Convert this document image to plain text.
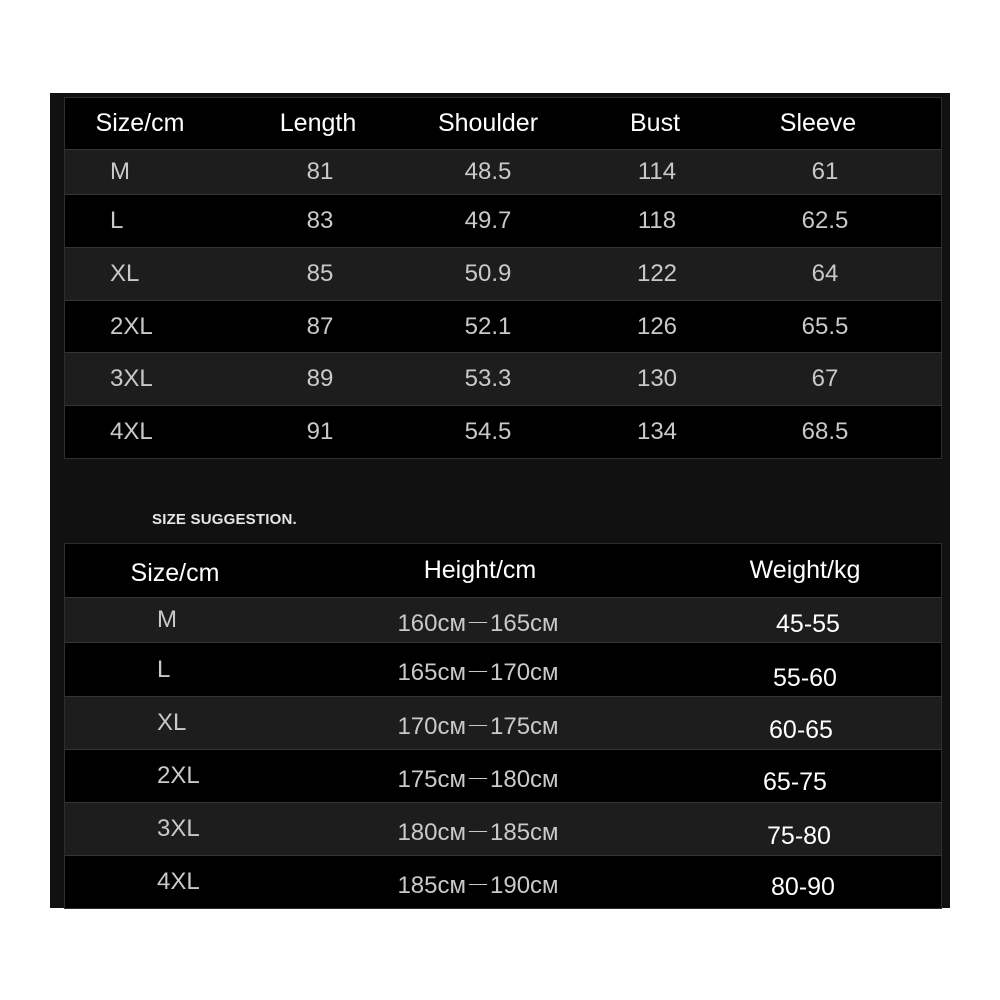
Size/cm	Length	Shoulder	Bust	Sleeve
M	81	48.5	114	61
L	83	49.7	118	62.5
XL	85	50.9	122	64
2XL	87	52.1	126	65.5
3XL	89	53.3	130	67
4XL	91	54.5	134	68.5
SIZE SUGGESTION.
Size/cm	Height/cm	Weight/kg
M	160см－165см	45-55
L	165см－170см	55-60
XL	170см－175см	60-65
2XL	175см－180см	65-75
3XL	180см－185см	75-80
4XL	185см－190см	80-90
